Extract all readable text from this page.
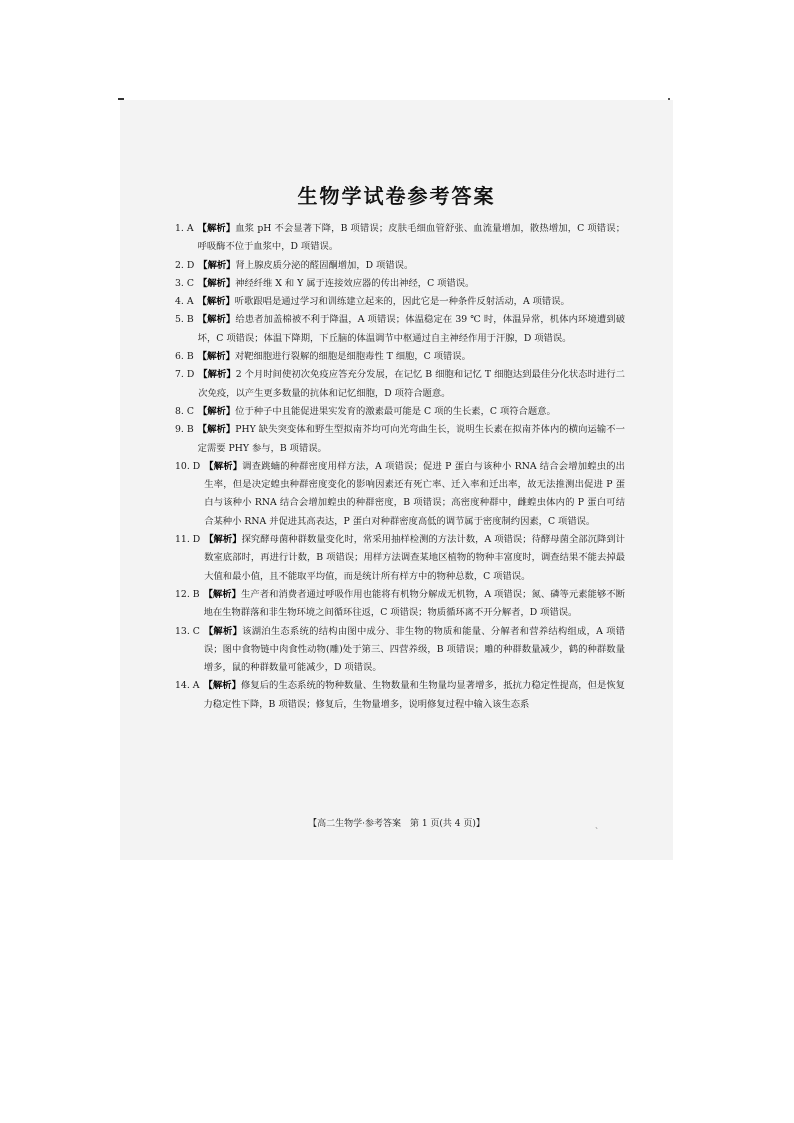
生物学试卷参考答案
1. A 【解析】血浆 pH 不会显著下降，B 项错误；皮肤毛细血管舒张、血流量增加，散热增加，C 项错误；呼吸酶不位于血浆中，D 项错误。
2. D 【解析】肾上腺皮质分泌的醛固酮增加，D 项错误。
3. C 【解析】神经纤维 X 和 Y 属于连接效应器的传出神经，C 项错误。
4. A 【解析】听歌跟唱是通过学习和训练建立起来的，因此它是一种条件反射活动，A 项错误。
5. B 【解析】给患者加盖棉被不利于降温，A 项错误；体温稳定在 39 ℃ 时，体温异常，机体内环境遭到破坏，C 项错误；体温下降期，下丘脑的体温调节中枢通过自主神经作用于汗腺，D 项错误。
6. B 【解析】对靶细胞进行裂解的细胞是细胞毒性 T 细胞，C 项错误。
7. D 【解析】2 个月时间使初次免疫应答充分发展，在记忆 B 细胞和记忆 T 细胞达到最佳分化状态时进行二次免疫，以产生更多数量的抗体和记忆细胞，D 项符合题意。
8. C 【解析】位于种子中且能促进果实发育的激素最可能是 C 项的生长素，C 项符合题意。
9. B 【解析】PHY 缺失突变体和野生型拟南芥均可向光弯曲生长，说明生长素在拟南芥体内的横向运输不一定需要 PHY 参与，B 项错误。
10. D 【解析】调查跳蝻的种群密度用样方法，A 项错误；促进 P 蛋白与该种小 RNA 结合会增加蝗虫的出生率，但是决定蝗虫种群密度变化的影响因素还有死亡率、迁入率和迁出率，故无法推测出促进 P 蛋白与该种小 RNA 结合会增加蝗虫的种群密度，B 项错误；高密度种群中，雌蝗虫体内的 P 蛋白可结合某种小 RNA 并促进其高表达，P 蛋白对种群密度高低的调节属于密度制约因素，C 项错误。
11. D 【解析】探究酵母菌种群数量变化时，常采用抽样检测的方法计数，A 项错误；待酵母菌全部沉降到计数室底部时，再进行计数，B 项错误；用样方法调查某地区植物的物种丰富度时，调查结果不能去掉最大值和最小值，且不能取平均值，而是统计所有样方中的物种总数，C 项错误。
12. B 【解析】生产者和消费者通过呼吸作用也能将有机物分解成无机物，A 项错误；氮、磷等元素能够不断地在生物群落和非生物环境之间循环往返，C 项错误；物质循环离不开分解者，D 项错误。
13. C 【解析】该湖泊生态系统的结构由图中成分、非生物的物质和能量、分解者和营养结构组成，A 项错误；图中食物链中肉食性动物(雕)处于第三、四营养级，B 项错误；雕的种群数量减少，鹤的种群数量增多，鼠的种群数量可能减少，D 项错误。
14. A 【解析】修复后的生态系统的物种数量、生物数量和生物量均显著增多，抵抗力稳定性提高，但是恢复力稳定性下降，B 项错误；修复后，生物量增多，说明修复过程中输入该生态系
【高二生物学·参考答案　第 1 页(共 4 页)】	、
